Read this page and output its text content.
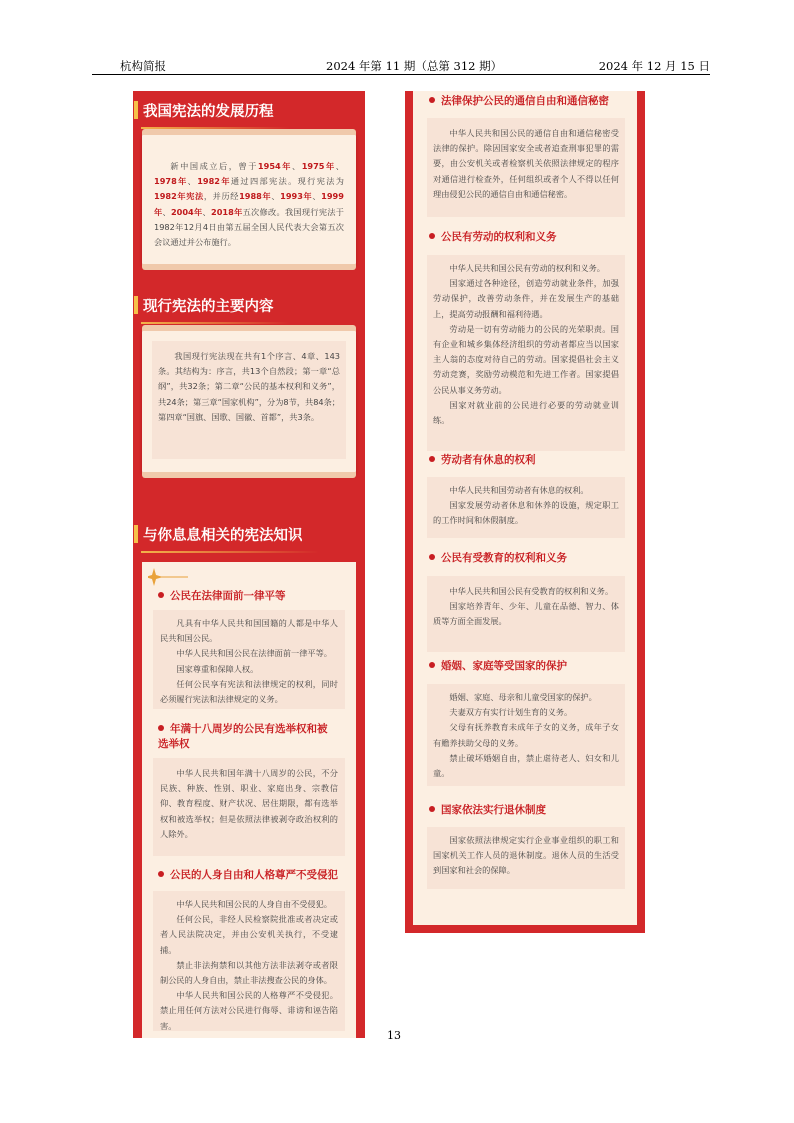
杭构简报	2024 年第 11 期（总第 312 期）	2024 年 12 月 15 日
我国宪法的发展历程

新中国成立后，曾于1954年、1975年、1978年、1982年通过四部宪法。现行宪法为1982年宪法，并历经1988年、1993年、1999年、2004年、2018年五次修改。我国现行宪法于1982年12月4日由第五届全国人民代表大会第五次会议通过并公布施行。

现行宪法的主要内容

我国现行宪法现在共有1个序言、4章、143条。其结构为：序言，共13个自然段；第一章“总纲”，共32条；第二章“公民的基本权利和义务”，共24条；第三章“国家机构”，分为8节，共84条；第四章“国旗、国歌、国徽、首都”，共3条。

与你息息相关的宪法知识
公民在法律面前一律平等

凡具有中华人民共和国国籍的人都是中华人民共和国公民。

中华人民共和国公民在法律面前一律平等。

国家尊重和保障人权。

任何公民享有宪法和法律规定的权利，同时必须履行宪法和法律规定的义务。

年满十八周岁的公民有选举权和被选举权

中华人民共和国年满十八周岁的公民，不分民族、种族、性别、职业、家庭出身、宗教信仰、教育程度、财产状况、居住期限，都有选举权和被选举权；但是依照法律被剥夺政治权利的人除外。

公民的人身自由和人格尊严不受侵犯

中华人民共和国公民的人身自由不受侵犯。

任何公民，非经人民检察院批准或者决定或者人民法院决定，并由公安机关执行，不受逮捕。

禁止非法拘禁和以其他方法非法剥夺或者限制公民的人身自由，禁止非法搜查公民的身体。

中华人民共和国公民的人格尊严不受侵犯。禁止用任何方法对公民进行侮辱、诽谤和诬告陷害。

法律保护公民的通信自由和通信秘密

中华人民共和国公民的通信自由和通信秘密受法律的保护。除因国家安全或者追查刑事犯罪的需要，由公安机关或者检察机关依照法律规定的程序对通信进行检查外，任何组织或者个人不得以任何理由侵犯公民的通信自由和通信秘密。

公民有劳动的权利和义务

中华人民共和国公民有劳动的权利和义务。

国家通过各种途径，创造劳动就业条件，加强劳动保护，改善劳动条件，并在发展生产的基础上，提高劳动报酬和福利待遇。

劳动是一切有劳动能力的公民的光荣职责。国有企业和城乡集体经济组织的劳动者都应当以国家主人翁的态度对待自己的劳动。国家提倡社会主义劳动竞赛，奖励劳动模范和先进工作者。国家提倡公民从事义务劳动。

国家对就业前的公民进行必要的劳动就业训练。

劳动者有休息的权利

中华人民共和国劳动者有休息的权利。

国家发展劳动者休息和休养的设施，规定职工的工作时间和休假制度。

公民有受教育的权利和义务

中华人民共和国公民有受教育的权利和义务。

国家培养青年、少年、儿童在品德、智力、体质等方面全面发展。

婚姻、家庭等受国家的保护

婚姻、家庭、母亲和儿童受国家的保护。

夫妻双方有实行计划生育的义务。

父母有抚养教育未成年子女的义务，成年子女有赡养扶助父母的义务。

禁止破坏婚姻自由，禁止虐待老人、妇女和儿童。

国家依法实行退休制度

国家依照法律规定实行企业事业组织的职工和国家机关工作人员的退休制度。退休人员的生活受到国家和社会的保障。

13
